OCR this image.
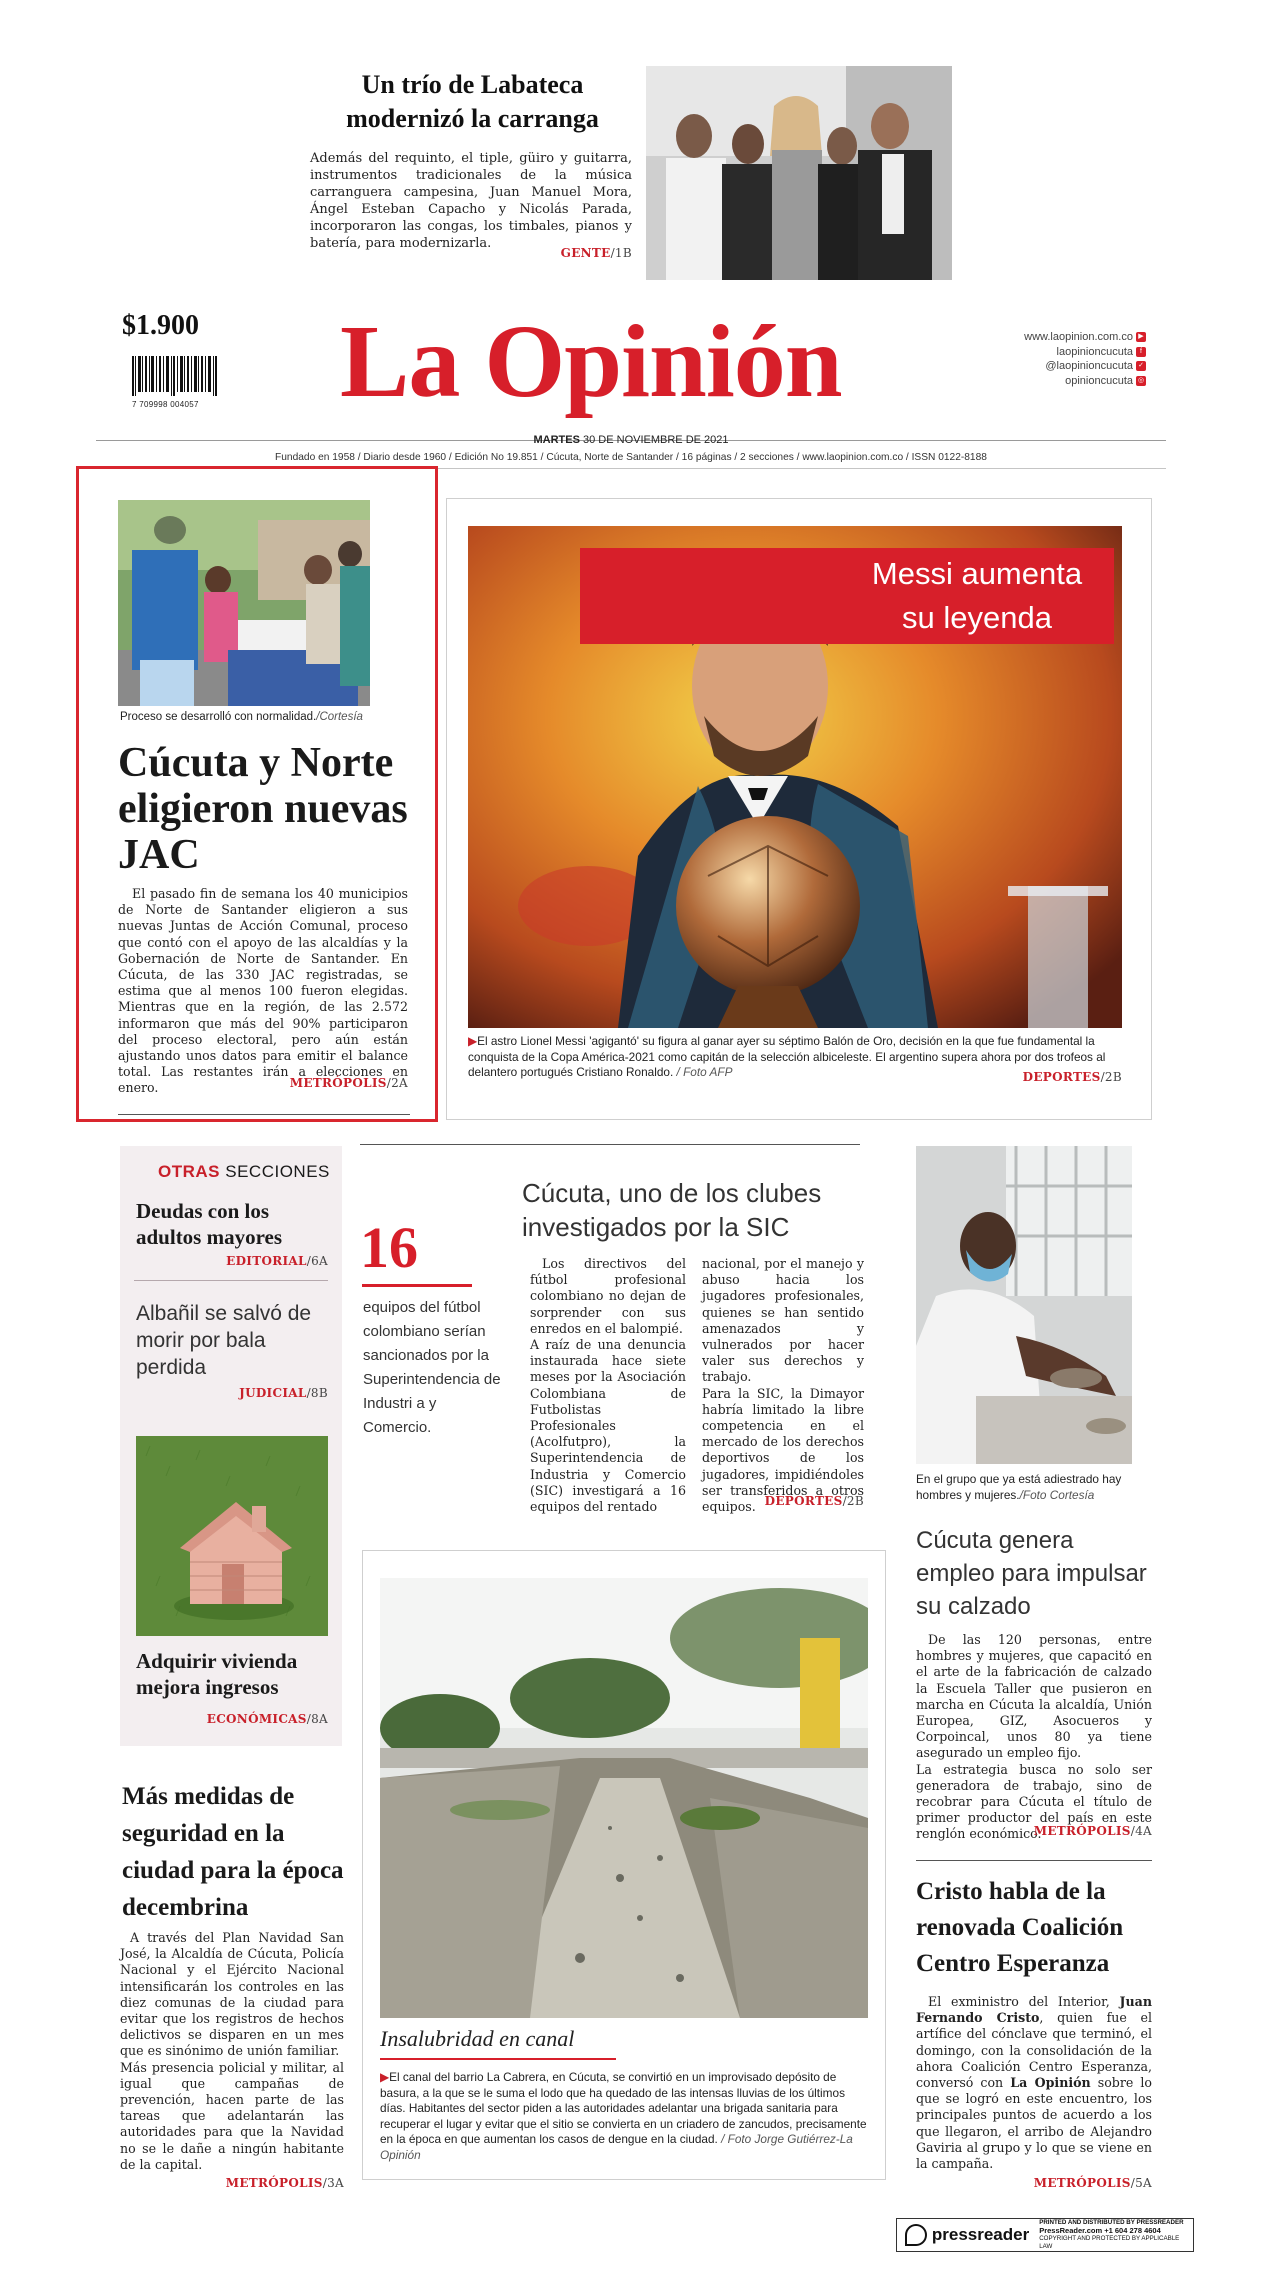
Un trío de Labateca modernizó la carranga
Además del requinto, el tiple, güiro y guitarra, instrumentos tradicionales de la música carranguera campesina, Juan Manuel Mora, Ángel Esteban Capacho y Nicolás Parada, incorporaron las congas, los timbales, pianos y batería, para modernizarla.
GENTE/1B
$1.900
7 709998 004057 La Opinión	www.laopinion.com.co ▶
laopinioncucuta	f
@laopinioncucuta ✓
opinioncucuta ◎
MARTES 30 DE NOVIEMBRE DE 2021
Fundado en 1958 / Diario desde 1960 / Edición No 19.851 / Cúcuta, Norte de Santander / 16 páginas / 2 secciones / www.laopinion.com.co / ISSN 0122-8188
Proceso se desarrolló con normalidad./Cortesía
Cúcuta y Norte eligieron nuevas JAC
El pasado fin de semana los 40 municipios de Norte de Santander eligieron a sus nuevas Juntas de Acción Comunal, proceso que contó con el apoyo de las alcaldías y la Gobernación de Norte de Santander. En Cúcuta, de las 330 JAC registradas, se estima que al menos 100 fueron elegidas. Mientras que en la región, de las 2.572 informaron que más del 90% participaron del proceso electoral, pero aún están ajustando unos datos para emitir el balance total. Las restantes irán a elecciones en enero.	METRÓPOLIS/2A
Messi aumenta
su leyenda
▶El astro Lionel Messi 'agigantó' su figura al ganar ayer su séptimo Balón de Oro, decisión en la que fue fundamental la conquista de la Copa América-2021 como capitán de la selección albiceleste. El argentino supera ahora por dos trofeos al delantero portugués Cristiano Ronaldo. / Foto AFP	DEPORTES/2B
OTRAS SECCIONES
Deudas con los adultos mayores
EDITORIAL/6A
Albañil se salvó de morir por bala perdida
JUDICIAL/8B
Adquirir vivienda mejora ingresos
ECONÓMICAS/8A
16
equipos del fútbol colombiano serían sancionados por la Superintendencia de Industri a y Comercio.
Cúcuta, uno de los clubes investigados por la SIC
Los directivos del fútbol profesional colombiano no dejan de sorprender con sus enredos en el balompié.
A raíz de una denuncia instaurada hace siete meses por la Asociación Colombiana de Futbolistas Profesionales (Acolfutpro), la Superintendencia de Industria y Comercio (SIC) investigará a 16 equipos del rentado
nacional, por el manejo y abuso hacia los jugadores profesionales, quienes se han sentido amenazados y vulnerados por hacer valer sus derechos y trabajo.
Para la SIC, la Dimayor habría limitado la libre competencia en el mercado de los derechos deportivos de los jugadores, impidiéndoles ser transferidos a otros equipos. DEPORTES/2B
En el grupo que ya está adiestrado hay hombres y mujeres./Foto Cortesía
Cúcuta genera empleo para impulsar su calzado
De las 120 personas, entre hombres y mujeres, que capacitó en el arte de la fabricación de calzado la Escuela Taller que pusieron en marcha en Cúcuta la alcaldía, Unión Europea, GIZ, Asocueros y Corpoincal, unos 80 ya tiene asegurado un empleo fijo.
La estrategia busca no solo ser generadora de trabajo, sino de recobrar para Cúcuta el título de primer productor del país en este renglón económico.
METRÓPOLIS/4A
Insalubridad en canal
▶El canal del barrio La Cabrera, en Cúcuta, se convirtió en un improvisado depósito de basura, a la que se le suma el lodo que ha quedado de las intensas lluvias de los últimos días. Habitantes del sector piden a las autoridades adelantar una brigada sanitaria para recuperar el lugar y evitar que el sitio se convierta en un criadero de zancudos, precisamente en la época en que aumentan los casos de dengue en la ciudad. / Foto Jorge Gutiérrez-La Opinión
Más medidas de seguridad en la ciudad para la época decembrina
A través del Plan Navidad San José, la Alcaldía de Cúcuta, Policía Nacional y el Ejército Nacional intensificarán los controles en las diez comunas de la ciudad para evitar que los registros de hechos delictivos se disparen en un mes que es sinónimo de unión familiar.
Más presencia policial y militar, al igual que campañas de prevención, hacen parte de las tareas que adelantarán las autoridades para que la Navidad no se le dañe a ningún habitante de la capital.
METRÓPOLIS/3A
Cristo habla de la renovada Coalición Centro Esperanza
El exministro del Interior, Juan Fernando Cristo, quien fue el artífice del cónclave que terminó, el domingo, con la consolidación de la ahora Coalición Centro Esperanza, conversó con La Opinión sobre lo que se logró en este encuentro, los principales puntos de acuerdo a los que llegaron, el arribo de Alejandro Gaviria al grupo y lo que se viene en la campaña.
METRÓPOLIS/5A
pressreader
PRINTED AND DISTRIBUTED BY PRESSREADER
PressReader.com +1 604 278 4604
COPYRIGHT AND PROTECTED BY APPLICABLE LAW
